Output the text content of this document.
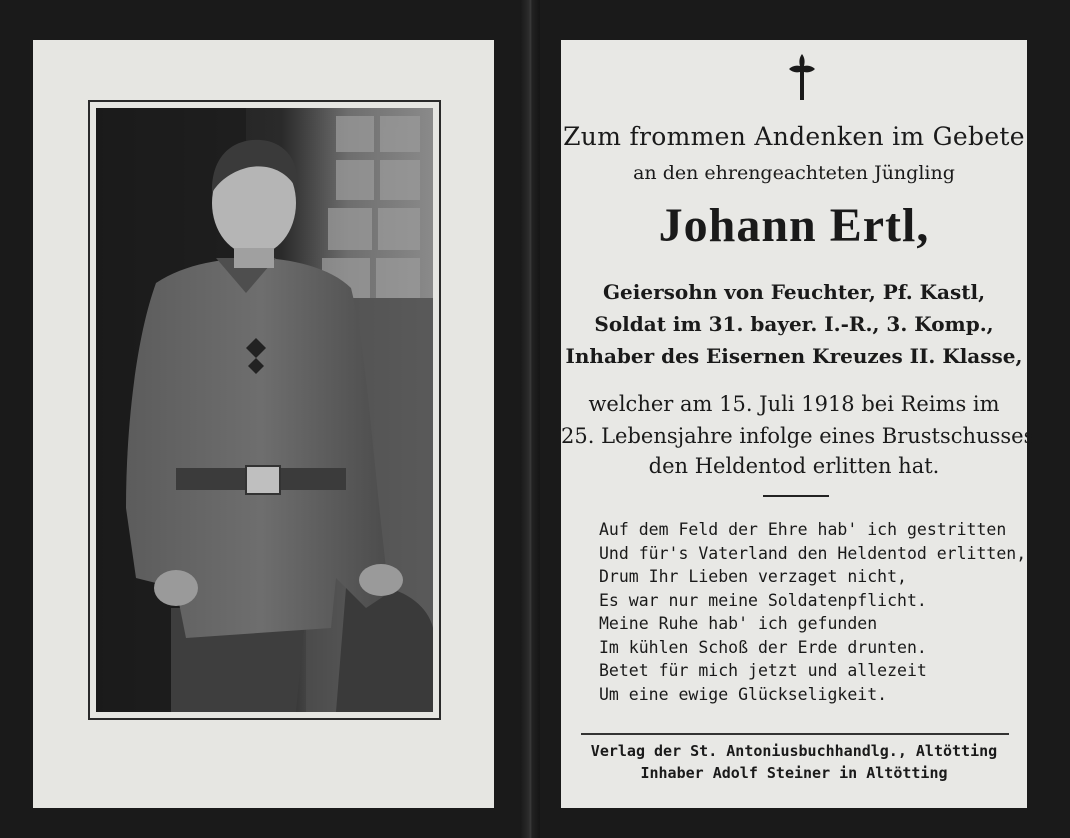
Zum frommen Andenken im Gebete
an den ehrengeachteten Jüngling
Johann Ertl,
Geiersohn von Feuchter, Pf. Kastl,
Soldat im 31. bayer. I.-R., 3. Komp.,
Inhaber des Eisernen Kreuzes II. Klasse,
welcher am 15. Juli 1918 bei Reims im
25. Lebensjahre infolge eines Brustschusses
den Heldentod erlitten hat.
Auf dem Feld der Ehre hab' ich gestritten
Und für's Vaterland den Heldentod erlitten,
Drum Ihr Lieben verzaget nicht,
Es war nur meine Soldatenpflicht.
Meine Ruhe hab' ich gefunden
Im kühlen Schoß der Erde drunten.
Betet für mich jetzt und allezeit
Um eine ewige Glückseligkeit.
Verlag der St. Antoniusbuchhandlg., Altötting
Inhaber Adolf Steiner in Altötting
